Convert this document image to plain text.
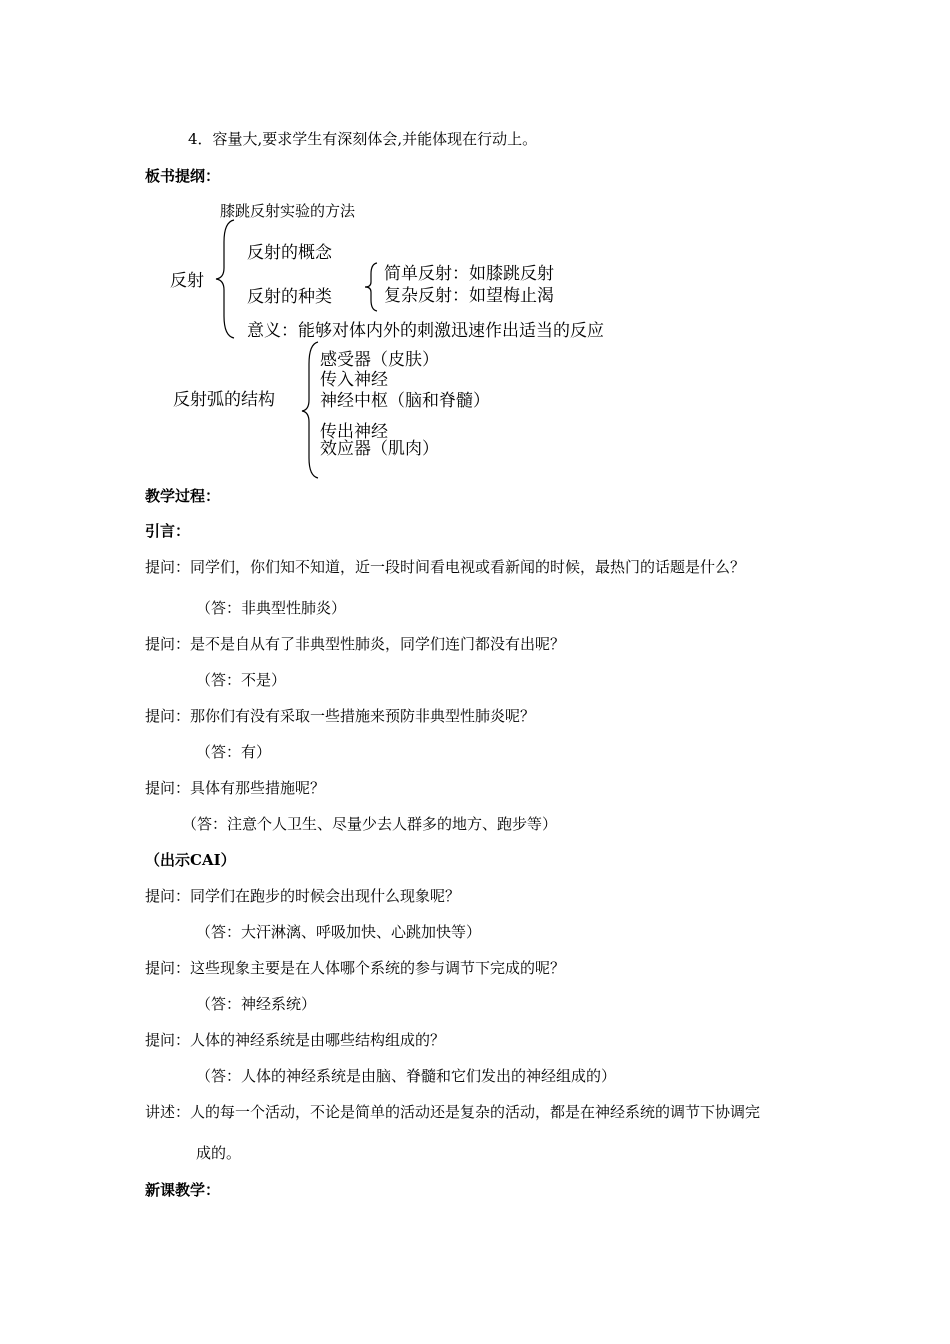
4．容量大,要求学生有深刻体会,并能体现在行动上。
板书提纲：
膝跳反射实验的方法
反射
反射的概念
反射的种类
简单反射：如膝跳反射
复杂反射：如望梅止渴
意义：能够对体内外的刺激迅速作出适当的反应
反射弧的结构
感受器（皮肤）
传入神经
神经中枢（脑和脊髓）
传出神经
效应器（肌肉）
教学过程：
引言：
提问：同学们，你们知不知道，近一段时间看电视或看新闻的时候，最热门的话题是什么？
（答：非典型性肺炎）
提问：是不是自从有了非典型性肺炎，同学们连门都没有出呢？
（答：不是）
提问：那你们有没有采取一些措施来预防非典型性肺炎呢？
（答：有）
提问：具体有那些措施呢？
（答：注意个人卫生、尽量少去人群多的地方、跑步等）
（出示CAI）
提问：同学们在跑步的时候会出现什么现象呢？
（答：大汗淋漓、呼吸加快、心跳加快等）
提问：这些现象主要是在人体哪个系统的参与调节下完成的呢？
（答：神经系统）
提问：人体的神经系统是由哪些结构组成的？
（答：人体的神经系统是由脑、脊髓和它们发出的神经组成的）
讲述：人的每一个活动，不论是简单的活动还是复杂的活动，都是在神经系统的调节下协调完
成的。
新课教学：
